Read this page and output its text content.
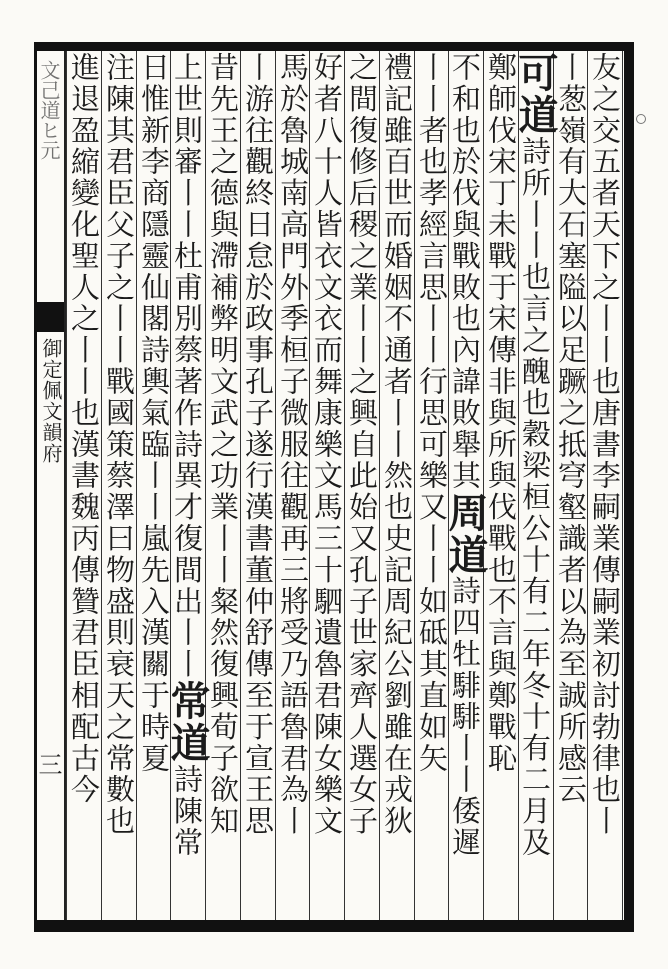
文己道ヒ元
御定佩文韻府
三	友之交五者天下之丨丨也唐書李嗣業傳嗣業初討勃律也丨
丨葱嶺有大石塞隘以足蹶之抵穹壑識者以為至誠所感云
可道詩所丨丨也言之醜也穀梁桓公十有二年冬十有二月及
鄭師伐宋丁未戰于宋傳非與所與伐戰也不言與鄭戰恥
不和也於伐與戰敗也內諱敗舉其周道詩四牡騑騑丨丨倭遲
丨丨者也孝經言思丨丨行思可樂又丨丨如砥其直如矢
禮記雖百世而婚姻不通者丨丨然也史記周紀公劉雖在戎狄
之間復修后稷之業丨丨之興自此始又孔子世家齊人選女子
好者八十人皆衣文衣而舞康樂文馬三十駟遺魯君陳女樂文
馬於魯城南高門外季桓子微服往觀再三將受乃語魯君為丨
丨游往觀終日怠於政事孔子遂行漢書董仲舒傳至于宣王思
昔先王之德與滯補弊明文武之功業丨丨粲然復興荀子欲知
上世則審丨丨杜甫別蔡著作詩異才復間出丨丨常道詩陳常
日惟新李商隱靈仙閣詩輿氣臨丨丨嵐先入漢關于時夏
注陳其君臣父子之丨丨戰國策蔡澤曰物盛則衰天之常數也
進退盈縮變化聖人之丨丨也漢書魏丙傳贊君臣相配古今
